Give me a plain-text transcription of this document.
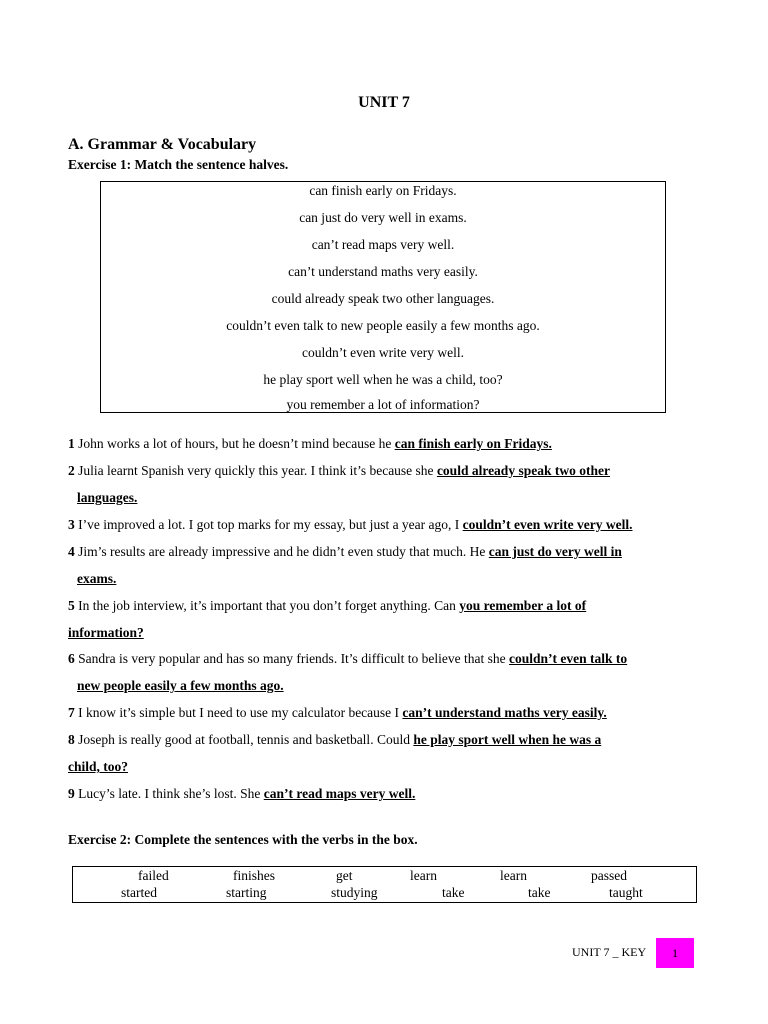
UNIT 7
A. Grammar & Vocabulary
Exercise 1: Match the sentence halves.
can finish early on Fridays.
can just do very well in exams.
can’t read maps very well.
can’t understand maths very easily.
could already speak two other languages.
couldn’t even talk to new people easily a few months ago.
couldn’t even write very well.
he play sport well when he was a child, too?
you remember a lot of information?
1 John works a lot of hours, but he doesn’t mind because he can finish early on Fridays.
2 Julia learnt Spanish very quickly this year. I think it’s because she could already speak two other
languages.
3 I’ve improved a lot. I got top marks for my essay, but just a year ago, I couldn’t even write very well.
4 Jim’s results are already impressive and he didn’t even study that much. He can just do very well in
exams.
5 In the job interview, it’s important that you don’t forget anything. Can you remember a lot of
information?
6 Sandra is very popular and has so many friends. It’s difficult to believe that she couldn’t even talk to
new people easily a few months ago.
7 I know it’s simple but I need to use my calculator because I can’t understand maths very easily.
8 Joseph is really good at football, tennis and basketball. Could he play sport well when he was a
child, too?
9 Lucy’s late. I think she’s lost. She can’t read maps very well.
Exercise 2: Complete the sentences with the verbs in the box.
failed	finishes	get	learn	learn	passed
started	starting	studying	take	take	taught
UNIT 7 _ KEY	1
